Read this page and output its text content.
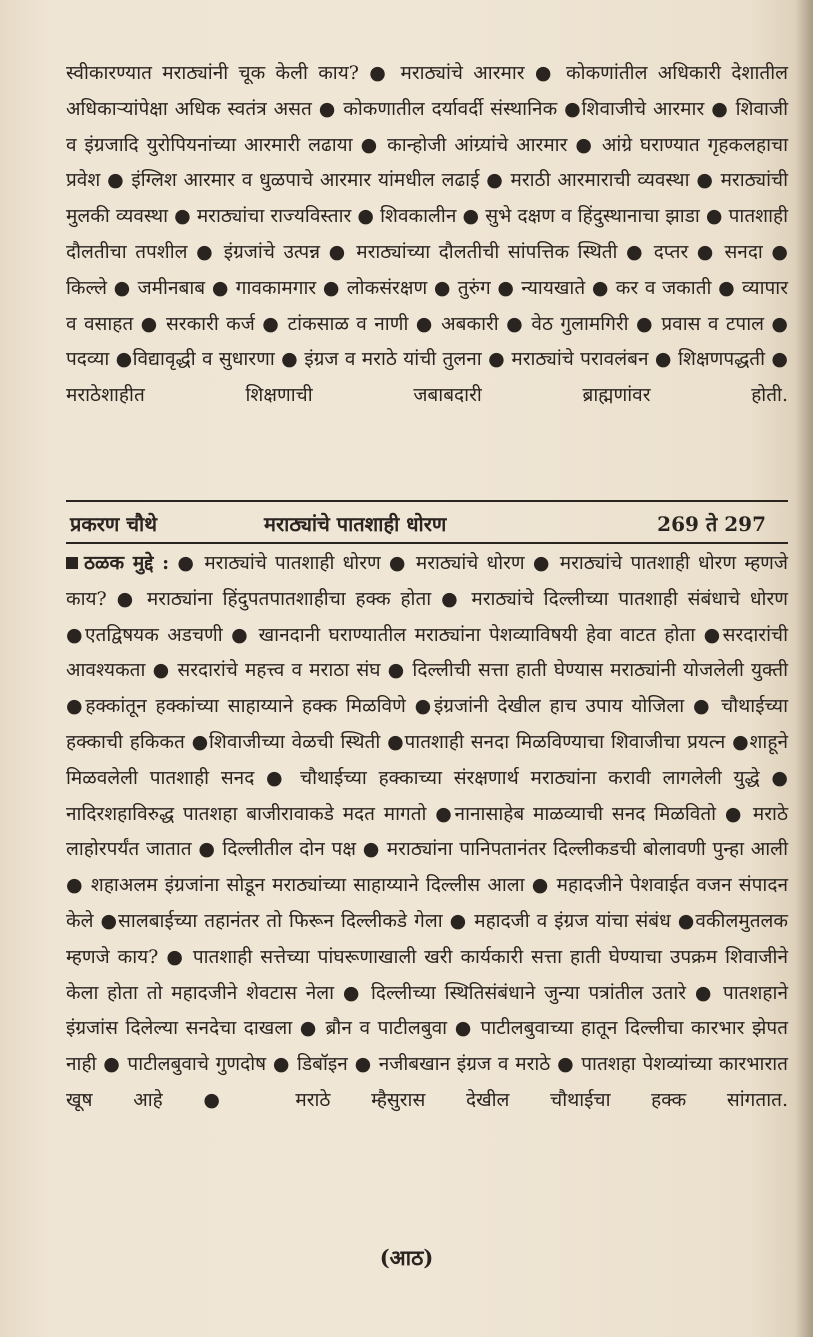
स्वीकारण्यात मराठ्यांनी चूक केली काय? ● मराठ्यांचे आरमार ● कोकणांतील अधिकारी देशातील अधिकाऱ्यांपेक्षा अधिक स्वतंत्र असत ● कोकणातील दर्यावर्दी संस्थानिक ●शिवाजीचे आरमार ● शिवाजी व इंग्रजादि युरोपियनांच्या आरमारी लढाया ● कान्होजी आंग्र्यांचे आरमार ● आंग्रे घराण्यात गृहकलहाचा प्रवेश ● इंग्लिश आरमार व धुळपाचे आरमार यांमधील लढाई ● मराठी आरमाराची व्यवस्था ● मराठ्यांची मुलकी व्यवस्था ● मराठ्यांचा राज्यविस्तार ● शिवकालीन ● सुभे दक्षण व हिंदुस्थानाचा झाडा ● पातशाही दौलतीचा तपशील ● इंग्रजांचे उत्पन्न ● मराठ्यांच्या दौलतीची सांपत्तिक स्थिती ● दप्तर ● सनदा ● किल्ले ● जमीनबाब ● गावकामगार ● लोकसंरक्षण ● तुरुंग ● न्यायखाते ● कर व जकाती ● व्यापार व वसाहत ● सरकारी कर्ज ● टांकसाळ व नाणी ● अबकारी ● वेठ गुलामगिरी ● प्रवास व टपाल ● पदव्या ●विद्यावृद्धी व सुधारणा ● इंग्रज व मराठे यांची तुलना ● मराठ्यांचे परावलंबन ● शिक्षणपद्धती ● मराठेशाहीत शिक्षणाची जबाबदारी ब्राह्मणांवर होती.
प्रकरण चौथे	मराठ्यांचे पातशाही धोरण	269 ते 297
ठळक मुद्दे : ● मराठ्यांचे पातशाही धोरण ● मराठ्यांचे धोरण ● मराठ्यांचे पातशाही धोरण म्हणजे काय? ● मराठ्यांना हिंदुपतपातशाहीचा हक्क होता ● मराठ्यांचे दिल्लीच्या पातशाही संबंधाचे धोरण ●एतद्विषयक अडचणी ● खानदानी घराण्यातील मराठ्यांना पेशव्याविषयी हेवा वाटत होता ●सरदारांची आवश्यकता ● सरदारांचे महत्त्व व मराठा संघ ● दिल्लीची सत्ता हाती घेण्यास मराठ्यांनी योजलेली युक्ती ●हक्कांतून हक्कांच्या साहाय्याने हक्क मिळविणे ●इंग्रजांनी देखील हाच उपाय योजिला ● चौथाईच्या हक्काची हकिकत ●शिवाजीच्या वेळची स्थिती ●पातशाही सनदा मिळविण्याचा शिवाजीचा प्रयत्न ●शाहूने मिळवलेली पातशाही सनद ● चौथाईच्या हक्काच्या संरक्षणार्थ मराठ्यांना करावी लागलेली युद्धे ● नादिरशहाविरुद्ध पातशहा बाजीरावाकडे मदत मागतो ●नानासाहेब माळव्याची सनद मिळवितो ● मराठे लाहोरपर्यंत जातात ● दिल्लीतील दोन पक्ष ● मराठ्यांना पानिपतानंतर दिल्लीकडची बोलावणी पुन्हा आली ● शहाअलम इंग्रजांना सोडून मराठ्यांच्या साहाय्याने दिल्लीस आला ● महादजीने पेशवाईत वजन संपादन केले ●सालबाईच्या तहानंतर तो फिरून दिल्लीकडे गेला ● महादजी व इंग्रज यांचा संबंध ●वकीलमुतलक म्हणजे काय? ● पातशाही सत्तेच्या पांघरूणाखाली खरी कार्यकारी सत्ता हाती घेण्याचा उपक्रम शिवाजीने केला होता तो महादजीने शेवटास नेला ● दिल्लीच्या स्थितिसंबंधाने जुन्या पत्रांतील उतारे ● पातशहाने इंग्रजांस दिलेल्या सनदेचा दाखला ● ब्रौन व पाटीलबुवा ● पाटीलबुवाच्या हातून दिल्लीचा कारभार झेपत नाही ● पाटीलबुवाचे गुणदोष ● डिबॉइन ● नजीबखान इंग्रज व मराठे ● पातशहा पेशव्यांच्या कारभारात खूष आहे ● मराठे म्हैसुरास देखील चौथाईचा हक्क सांगतात.
(आठ)
